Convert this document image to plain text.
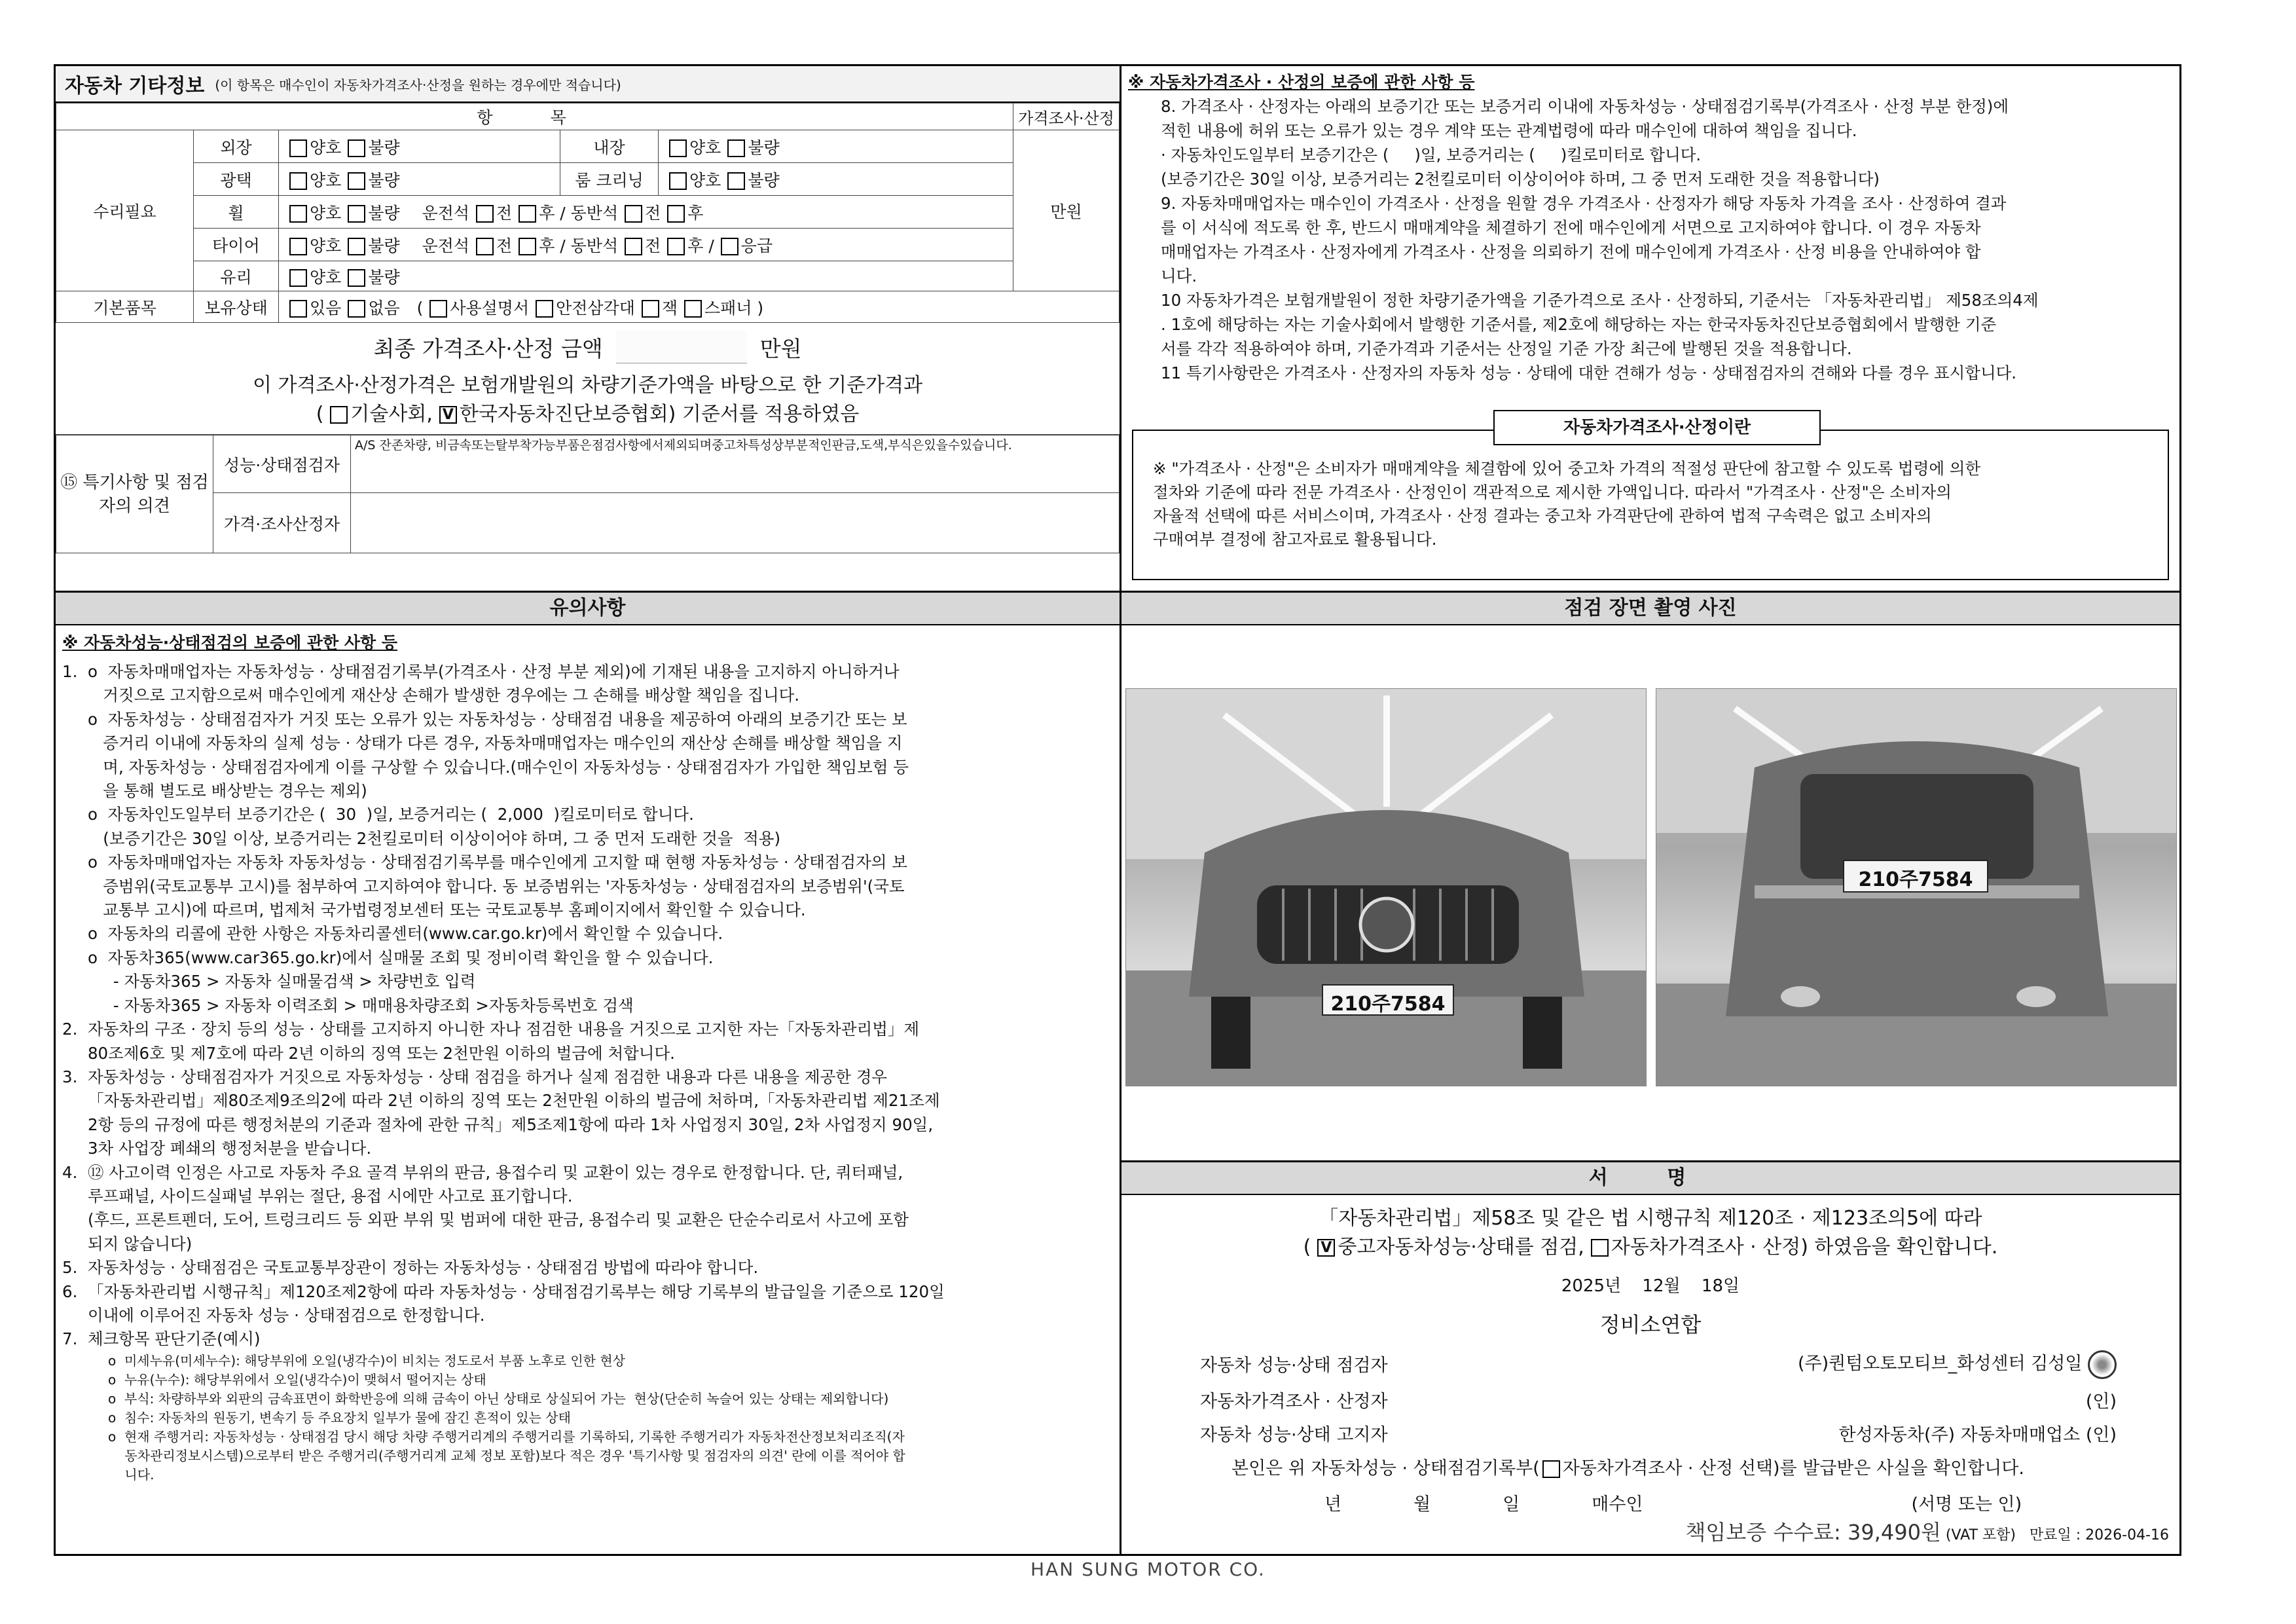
자동차 기타정보 (이 항목은 매수인이 자동차가격조사·산정을 원하는 경우에만 적습니다)
항 목					가격조사·산정
수리필요	외장	양호 불량	내장	양호 불량	만원
	광택	양호 불량	룸 크리닝	양호 불량	
	휠	양호 불량 운전석 전 후 / 동반석 전 후			
	타이어	양호 불량 운전석 전 후 / 동반석 전 후 / 응급			
	유리	양호 불량			
기본품목	보유상태	있음 없음 ( 사용설명서 안전삼각대 잭 스패너 )			
최종 가격조사·산정 금액	만원
이 가격조사·산정가격은 보험개발원의 차량기준가액을 바탕으로 한 기준가격과
( 기술사회, V 한국자동차진단보증협회) 기준서를 적용하였음
⑮ 특기사항 및 점검자의 의견	성능·상태점검자	A/S 잔존차량, 비금속또는탈부착가능부품은점검사항에서제외되며중고차특성상부분적인판금,도색,부식은있을수있습니다.
	가격·조사산정자	
유의사항
※ 자동차성능·상태점검의 보증에 관한 사항 등
1.  o  자동차매매업자는 자동차성능 · 상태점검기록부(가격조사 · 산정 부분 제외)에 기재된 내용을 고지하지 아니하거나
거짓으로 고지함으로써 매수인에게 재산상 손해가 발생한 경우에는 그 손해를 배상할 책임을 집니다.
o  자동차성능 · 상태점검자가 거짓 또는 오류가 있는 자동차성능 · 상태점검 내용을 제공하여 아래의 보증기간 또는 보
증거리 이내에 자동차의 실제 성능 · 상태가 다른 경우, 자동차매매업자는 매수인의 재산상 손해를 배상할 책임을 지
며, 자동차성능 · 상태점검자에게 이를 구상할 수 있습니다.(매수인이 자동차성능 · 상태점검자가 가입한 책임보험 등
을 통해 별도로 배상받는 경우는 제외)
o  자동차인도일부터 보증기간은 (  30  )일, 보증거리는 (  2,000  )킬로미터로 합니다.
(보증기간은 30일 이상, 보증거리는 2천킬로미터 이상이어야 하며, 그 중 먼저 도래한 것을  적용)
o  자동차매매업자는 자동차 자동차성능 · 상태점검기록부를 매수인에게 고지할 때 현행 자동차성능 · 상태점검자의 보
증범위(국토교통부 고시)를 첨부하여 고지하여야 합니다. 동 보증범위는 '자동차성능 · 상태점검자의 보증범위'(국토
교통부 고시)에 따르며, 법제처 국가법령정보센터 또는 국토교통부 홈페이지에서 확인할 수 있습니다.
o  자동차의 리콜에 관한 사항은 자동차리콜센터(www.car.go.kr)에서 확인할 수 있습니다.
o  자동차365(www.car365.go.kr)에서 실매물 조회 및 정비이력 확인을 할 수 있습니다.
- 자동차365 > 자동차 실매물검색 > 차량번호 입력
- 자동차365 > 자동차 이력조회 > 매매용차량조회 >자동차등록번호 검색
2.  자동차의 구조 · 장치 등의 성능 · 상태를 고지하지 아니한 자나 점검한 내용을 거짓으로 고지한 자는「자동차관리법」제
80조제6호 및 제7호에 따라 2년 이하의 징역 또는 2천만원 이하의 벌금에 처합니다.
3.  자동차성능 · 상태점검자가 거짓으로 자동차성능 · 상태 점검을 하거나 실제 점검한 내용과 다른 내용을 제공한 경우
「자동차관리법」제80조제9조의2에 따라 2년 이하의 징역 또는 2천만원 이하의 벌금에 처하며,「자동차관리법 제21조제
2항 등의 규정에 따른 행정처분의 기준과 절차에 관한 규칙」제5조제1항에 따라 1차 사업정지 30일, 2차 사업정지 90일,
3차 사업장 폐쇄의 행정처분을 받습니다.
4.  ⑫ 사고이력 인정은 사고로 자동차 주요 골격 부위의 판금, 용접수리 및 교환이 있는 경우로 한정합니다. 단, 쿼터패널,
루프패널, 사이드실패널 부위는 절단, 용접 시에만 사고로 표기합니다.
(후드, 프론트펜더, 도어, 트렁크리드 등 외판 부위 및 범퍼에 대한 판금, 용접수리 및 교환은 단순수리로서 사고에 포함
되지 않습니다)
5.  자동차성능 · 상태점검은 국토교통부장관이 정하는 자동차성능 · 상태점검 방법에 따라야 합니다.
6.  「자동차관리법 시행규칙」제120조제2항에 따라 자동차성능 · 상태점검기록부는 해당 기록부의 발급일을 기준으로 120일
이내에 이루어진 자동차 성능 · 상태점검으로 한정합니다.
7.  체크항목 판단기준(예시)
o  미세누유(미세누수): 해당부위에 오일(냉각수)이 비치는 정도로서 부품 노후로 인한 현상
o  누유(누수): 해당부위에서 오일(냉각수)이 맺혀서 떨어지는 상태
o  부식: 차량하부와 외판의 금속표면이 화학반응에 의해 금속이 아닌 상태로 상실되어 가는  현상(단순히 녹슬어 있는 상태는 제외합니다)
o  침수: 자동차의 원동기, 변속기 등 주요장치 일부가 물에 잠긴 흔적이 있는 상태
o  현재 주행거리: 자동차성능 · 상태점검 당시 해당 차량 주행거리계의 주행거리를 기록하되, 기록한 주행거리가 자동차전산정보처리조직(자
동차관리정보시스템)으로부터 받은 주행거리(주행거리계 교체 정보 포함)보다 적은 경우 '특기사항 및 점검자의 의견' 란에 이를 적어야 합
니다.
※ 자동차가격조사 · 산정의 보증에 관한 사항 등
8. 가격조사 · 산정자는 아래의 보증기간 또는 보증거리 이내에 자동차성능 · 상태점검기록부(가격조사 · 산정 부분 한정)에
적힌 내용에 허위 또는 오류가 있는 경우 계약 또는 관계법령에 따라 매수인에 대하여 책임을 집니다.
· 자동차인도일부터 보증기간은 (     )일, 보증거리는 (     )킬로미터로 합니다.
(보증기간은 30일 이상, 보증거리는 2천킬로미터 이상이어야 하며, 그 중 먼저 도래한 것을 적용합니다)
9. 자동차매매업자는 매수인이 가격조사 · 산정을 원할 경우 가격조사 · 산정자가 해당 자동차 가격을 조사 · 산정하여 결과
를 이 서식에 적도록 한 후, 반드시 매매계약을 체결하기 전에 매수인에게 서면으로 고지하여야 합니다. 이 경우 자동차
매매업자는 가격조사 · 산정자에게 가격조사 · 산정을 의뢰하기 전에 매수인에게 가격조사 · 산정 비용을 안내하여야 합
니다.
10 자동차가격은 보험개발원이 정한 차량기준가액을 기준가격으로 조사 · 산정하되, 기준서는 「자동차관리법」 제58조의4제
. 1호에 해당하는 자는 기술사회에서 발행한 기준서를, 제2호에 해당하는 자는 한국자동차진단보증협회에서 발행한 기준
서를 각각 적용하여야 하며, 기준가격과 기준서는 산정일 기준 가장 최근에 발행된 것을 적용합니다.
11 특기사항란은 가격조사 · 산정자의 자동차 성능 · 상태에 대한 견해가 성능 · 상태점검자의 견해와 다를 경우 표시합니다.
자동차가격조사·산정이란
※ "가격조사 · 산정"은 소비자가 매매계약을 체결함에 있어 중고차 가격의 적절성 판단에 참고할 수 있도록 법령에 의한
절차와 기준에 따라 전문 가격조사 · 산정인이 객관적으로 제시한 가액입니다. 따라서 "가격조사 · 산정"은 소비자의
자율적 선택에 따른 서비스이며, 가격조사 · 산정 결과는 중고차 가격판단에 관하여 법적 구속력은 없고 소비자의
구매여부 결정에 참고자료로 활용됩니다.
점검 장면 촬영 사진
210주7584
210주7584
서 명
「자동차관리법」제58조 및 같은 법 시행규칙 제120조 · 제123조의5에 따라
( V 중고자동차성능·상태를 점검, 자동차가격조사 · 산정) 하였음을 확인합니다.
2025년 12월 18일
정비소연합
자동차 성능·상태 점검자	(주)퀀텀오토모티브_화성센터 김성일
자동차가격조사 · 산정자	(인)
자동차 성능·상태 고지자	한성자동차(주) 자동차매매업소 (인)
본인은 위 자동차성능 · 상태점검기록부( 자동차가격조사 · 산정 선택)를 발급받은 사실을 확인합니다.
년	월	일	매수인	(서명 또는 인)
책임보증 수수료: 39,490원 (VAT 포함) 만료일 : 2026-04-16
HAN SUNG MOTOR CO.
